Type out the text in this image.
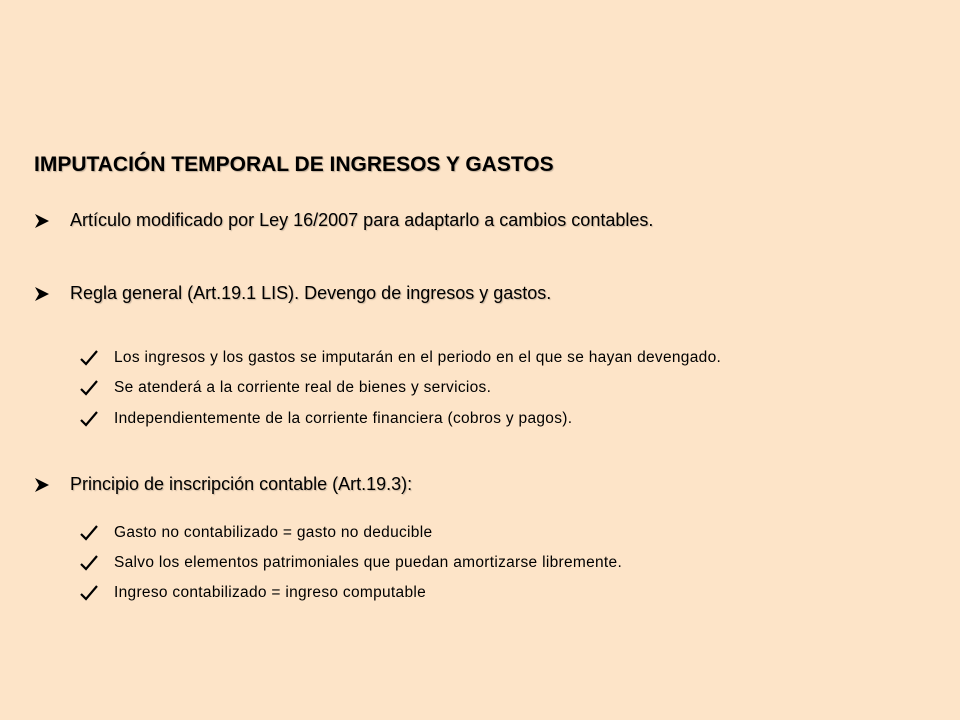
IMPUTACIÓN TEMPORAL DE INGRESOS Y GASTOS
Artículo modificado por Ley 16/2007 para adaptarlo a cambios contables.
Regla general (Art.19.1 LIS). Devengo de ingresos y gastos.
Los ingresos y los gastos se imputarán en el periodo en el que se hayan devengado.
Se atenderá a la corriente real de bienes y servicios.
Independientemente de la corriente financiera (cobros y pagos).
Principio de inscripción contable (Art.19.3):
Gasto no contabilizado = gasto no deducible
Salvo los elementos patrimoniales que puedan amortizarse libremente.
Ingreso contabilizado = ingreso computable
